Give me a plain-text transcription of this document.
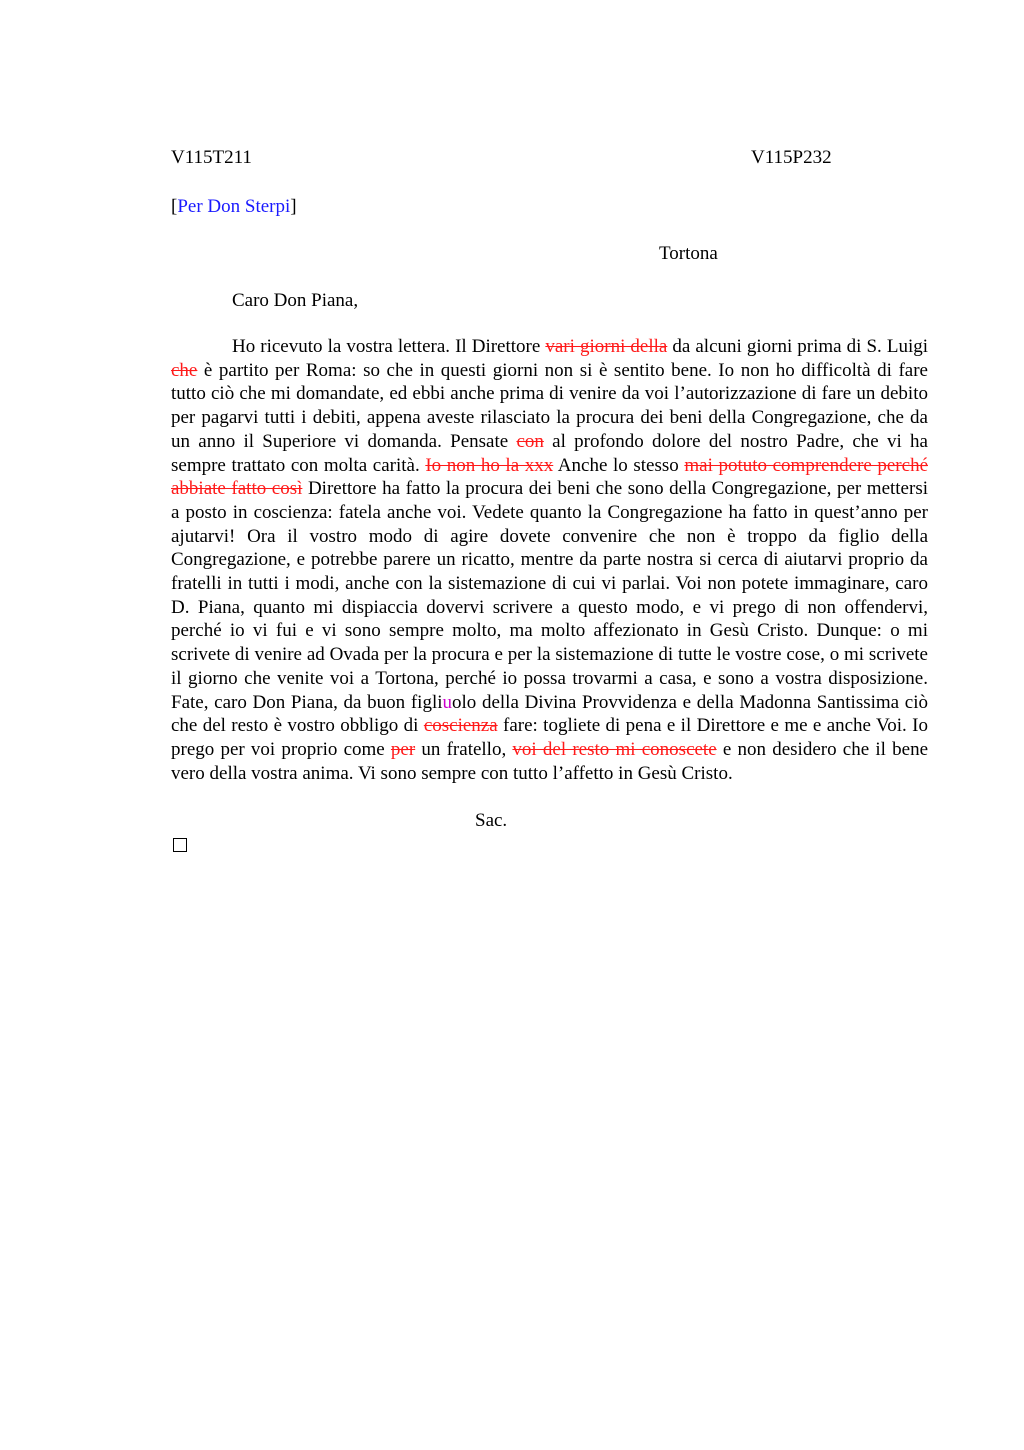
V115T211	V115P232
[Per Don Sterpi]
Tortona
Caro Don Piana,
Ho ricevuto la vostra lettera. Il Direttore vari giorni della da alcuni giorni prima di S. Luigi che è partito per Roma: so che in questi giorni non si è sentito bene. Io non ho difficoltà di fare tutto ciò che mi domandate, ed ebbi anche prima di venire da voi l’autorizzazione di fare un debito per pagarvi tutti i debiti, appena aveste rilasciato la procura dei beni della Congregazione, che da un anno il Superiore vi domanda. Pensate con al profondo dolore del nostro Padre, che vi ha sempre trattato con molta carità. Io non ho la xxx Anche lo stesso mai potuto comprendere perché abbiate fatto così Direttore ha fatto la procura dei beni che sono della Congregazione, per mettersi a posto in coscienza: fatela anche voi. Vedete quanto la Congregazione ha fatto in quest’anno per ajutarvi! Ora il vostro modo di agire dovete convenire che non è troppo da figlio della Congregazione, e potrebbe parere un ricatto, mentre da parte nostra si cerca di aiutarvi proprio da fratelli in tutti i modi, anche con la sistemazione di cui vi parlai. Voi non potete immaginare, caro D. Piana, quanto mi dispiaccia dovervi scrivere a questo modo, e vi prego di non offendervi, perché io vi fui e vi sono sempre molto, ma molto affezionato in Gesù Cristo. Dunque: o mi scrivete di venire ad Ovada per la procura e per la sistemazione di tutte le vostre cose, o mi scrivete il giorno che venite voi a Tortona, perché io possa trovarmi a casa, e sono a vostra disposizione. Fate, caro Don Piana, da buon figliuolo della Divina Provvidenza e della Madonna Santissima ciò che del resto è vostro obbligo di coscienza fare: togliete di pena e il Direttore e me e anche Voi. Io prego per voi proprio come per un fratello, voi del resto mi conoscete e non desidero che il bene vero della vostra anima. Vi sono sempre con tutto l’affetto in Gesù Cristo.
Sac.
